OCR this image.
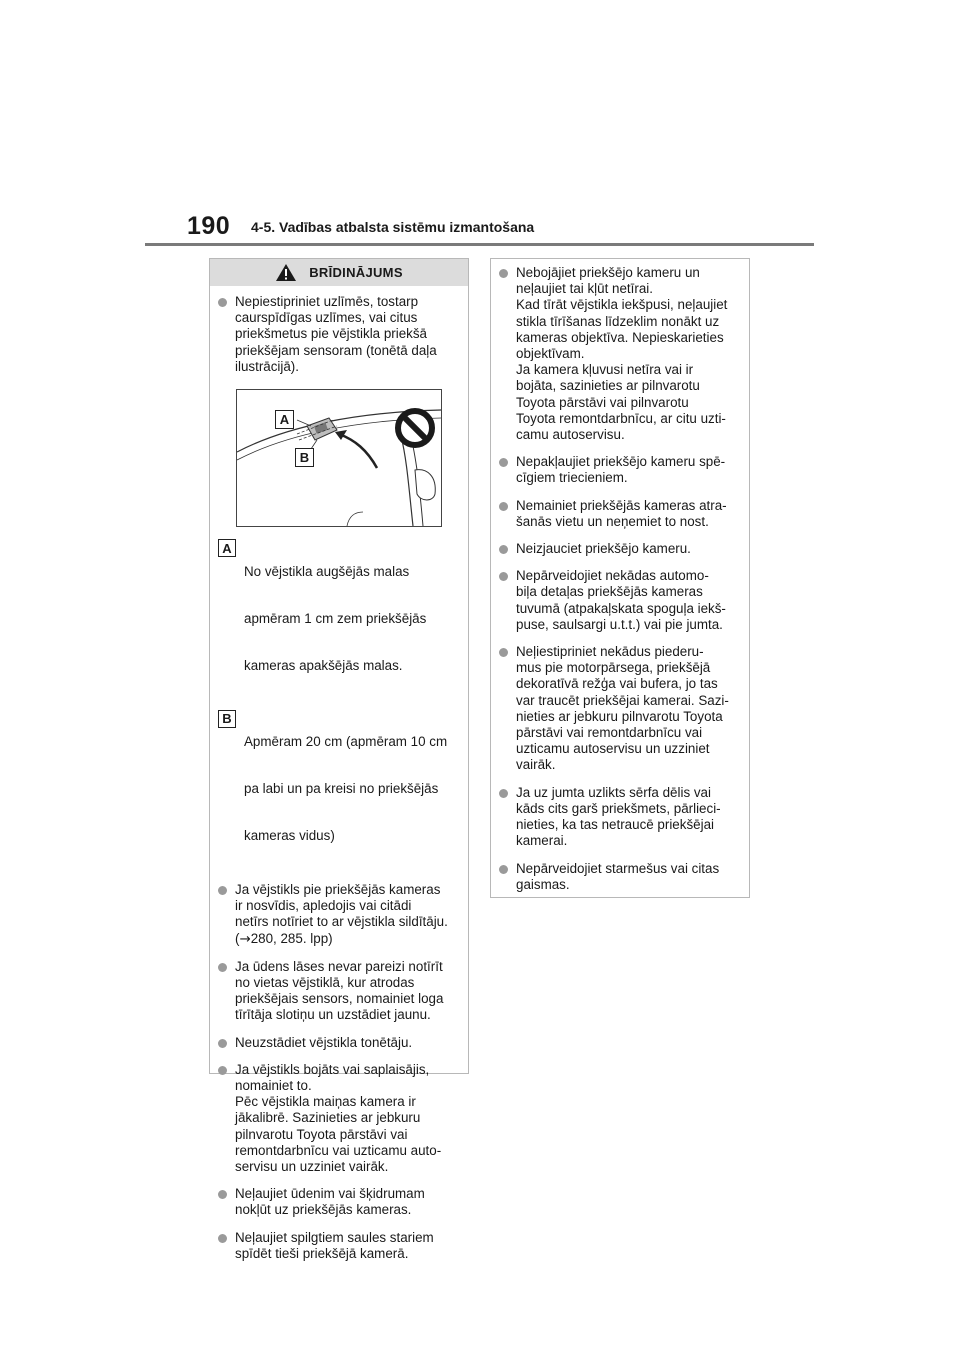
190 4-5. Vadības atbalsta sistēmu izmantošana
BRĪDINĀJUMS
Nepiestipriniet uzlīmēs, tostarp
caurspīdīgas uzlīmes, vai citus
priekšmetus pie vējstikla priekšā
priekšējam sensoram (tonētā daļa
ilustrācijā).
A
B
A

No vējstikla augšējās malas

apmēram 1 cm zem priekšējās

kameras apakšējās malas.

B

Apmēram 20 cm (apmēram 10 cm

pa labi un pa kreisi no priekšējās

kameras vidus)

Ja vējstikls pie priekšējās kameras
ir nosvīdis, apledojis vai citādi
netīrs notīriet to ar vējstikla sildītāju.
(→280, 285. lpp)
Ja ūdens lāses nevar pareizi notīrīt
no vietas vējstiklā, kur atrodas
priekšējais sensors, nomainiet loga
tīrītāja slotiņu un uzstādiet jaunu.
Neuzstādiet vējstikla tonētāju.
Ja vējstikls bojāts vai saplaisājis,
nomainiet to.
Pēc vējstikla maiņas kamera ir
jākalibrē. Sazinieties ar jebkuru
pilnvarotu Toyota pārstāvi vai
remontdarbnīcu vai uzticamu auto-
servisu un uzziniet vairāk.
Neļaujiet ūdenim vai šķidrumam
nokļūt uz priekšējās kameras.
Neļaujiet spilgtiem saules stariem
spīdēt tieši priekšējā kamerā.
Nebojājiet priekšējo kameru un
neļaujiet tai kļūt netīrai.
Kad tīrāt vējstikla iekšpusi, neļaujiet
stikla tīrīšanas līdzeklim nonākt uz
kameras objektīva. Nepieskarieties
objektīvam.
Ja kamera kļuvusi netīra vai ir
bojāta, sazinieties ar pilnvarotu
Toyota pārstāvi vai pilnvarotu
Toyota remontdarbnīcu, ar citu uzti-
camu autoservisu.
Nepakļaujiet priekšējo kameru spē-
cīgiem triecieniem.
Nemainiet priekšējās kameras atra-
šanās vietu un neņemiet to nost.
Neizjauciet priekšējo kameru.
Nepārveidojiet nekādas automo-
biļa detaļas priekšējās kameras
tuvumā (atpakaļskata spoguļa iekš-
puse, saulsargi u.t.t.) vai pie jumta.
Neļiestipriniet nekādus piederu-
mus pie motorpārsega, priekšējā
dekoratīvā režģa vai bufera, jo tas
var traucēt priekšējai kamerai. Sazi-
nieties ar jebkuru pilnvarotu Toyota
pārstāvi vai remontdarbnīcu vai
uzticamu autoservisu un uzziniet
vairāk.
Ja uz jumta uzlikts sērfa dēlis vai
kāds cits garš priekšmets, pārlieci-
nieties, ka tas netraucē priekšējai
kamerai.
Nepārveidojiet starmešus vai citas
gaismas.
